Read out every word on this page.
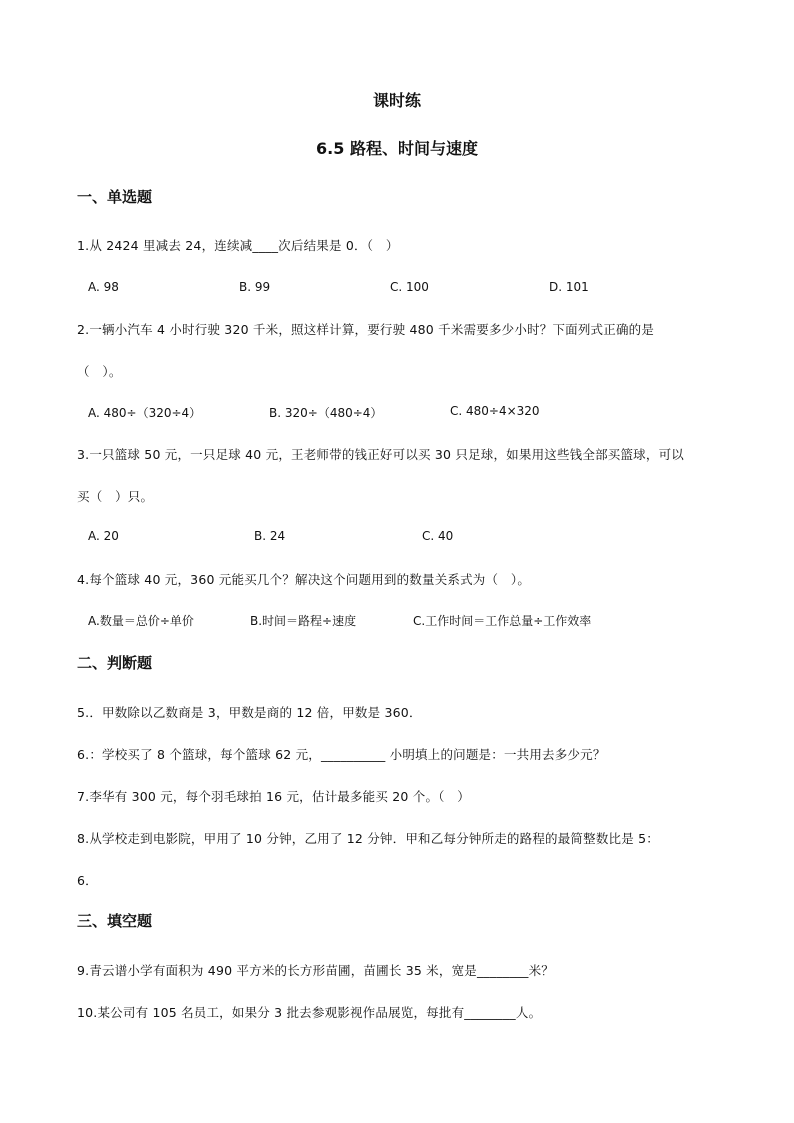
课时练
6.5 路程、时间与速度
一、单选题
1.从 2424 里减去 24，连续减____次后结果是 0．（　）
A. 98	B. 99	C. 100	D. 101
2.一辆小汽车 4 小时行驶 320 千米，照这样计算，要行驶 480 千米需要多少小时？下面列式正确的是
（　）。
A. 480÷（320÷4）	B. 320÷（480÷4）	C. 480÷4×320
3.一只篮球 50 元，一只足球 40 元，王老师带的钱正好可以买 30 只足球，如果用这些钱全部买篮球，可以
买（　）只。
A. 20	B. 24	C. 40
4.每个篮球 40 元，360 元能买几个？解决这个问题用到的数量关系式为（　）。
A.数量＝总价÷单价	B.时间＝路程÷速度	C.工作时间＝工作总量÷工作效率
二、判断题
5.．甲数除以乙数商是 3，甲数是商的 12 倍，甲数是 360．
6.：学校买了 8 个篮球，每个篮球 62 元，__________ 小明填上的问题是：一共用去多少元？
7.李华有 300 元，每个羽毛球拍 16 元，估计最多能买 20 个。（　）
8.从学校走到电影院，甲用了 10 分钟，乙用了 12 分钟．甲和乙每分钟所走的路程的最简整数比是 5：
6．
三、填空题
9.青云谱小学有面积为 490 平方米的长方形苗圃，苗圃长 35 米，宽是________米？
10.某公司有 105 名员工，如果分 3 批去参观影视作品展览，每批有________人。
